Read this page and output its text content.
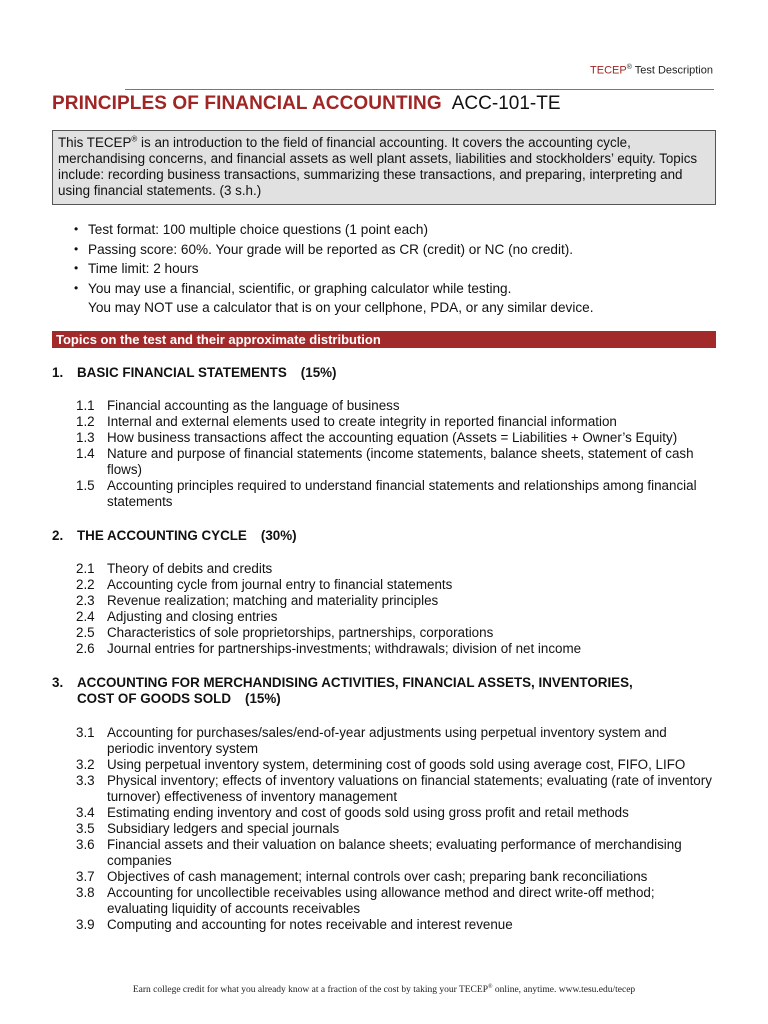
TECEP® Test Description
PRINCIPLES OF FINANCIAL ACCOUNTING ACC-101-TE
This TECEP® is an introduction to the field of financial accounting. It covers the accounting cycle, merchandising concerns, and financial assets as well plant assets, liabilities and stockholders’ equity. Topics include: recording business transactions, summarizing these transactions, and preparing, interpreting and using financial statements. (3 s.h.)
• Test format: 100 multiple choice questions (1 point each)
• Passing score: 60%. Your grade will be reported as CR (credit) or NC (no credit).
• Time limit: 2 hours
• You may use a financial, scientific, or graphing calculator while testing.
You may NOT use a calculator that is on your cellphone, PDA, or any similar device.
Topics on the test and their approximate distribution
1. BASIC FINANCIAL STATEMENTS (15%)
1.1 Financial accounting as the language of business
1.2 Internal and external elements used to create integrity in reported financial information
1.3 How business transactions affect the accounting equation (Assets = Liabilities + Owner’s Equity)
1.4 Nature and purpose of financial statements (income statements, balance sheets, statement of cash flows)
1.5 Accounting principles required to understand financial statements and relationships among financial statements
2. THE ACCOUNTING CYCLE (30%)
2.1 Theory of debits and credits
2.2 Accounting cycle from journal entry to financial statements
2.3 Revenue realization; matching and materiality principles
2.4 Adjusting and closing entries
2.5 Characteristics of sole proprietorships, partnerships, corporations
2.6 Journal entries for partnerships-investments; withdrawals; division of net income
3. ACCOUNTING FOR MERCHANDISING ACTIVITIES, FINANCIAL ASSETS, INVENTORIES,
COST OF GOODS SOLD (15%)
3.1 Accounting for purchases/sales/end-of-year adjustments using perpetual inventory system and periodic inventory system
3.2 Using perpetual inventory system, determining cost of goods sold using average cost, FIFO, LIFO
3.3 Physical inventory; effects of inventory valuations on financial statements; evaluating (rate of inventory turnover) effectiveness of inventory management
3.4 Estimating ending inventory and cost of goods sold using gross profit and retail methods
3.5 Subsidiary ledgers and special journals
3.6 Financial assets and their valuation on balance sheets; evaluating performance of merchandising companies
3.7 Objectives of cash management; internal controls over cash; preparing bank reconciliations
3.8 Accounting for uncollectible receivables using allowance method and direct write-off method; evaluating liquidity of accounts receivables
3.9 Computing and accounting for notes receivable and interest revenue
Earn college credit for what you already know at a fraction of the cost by taking your TECEP® online, anytime. www.tesu.edu/tecep
